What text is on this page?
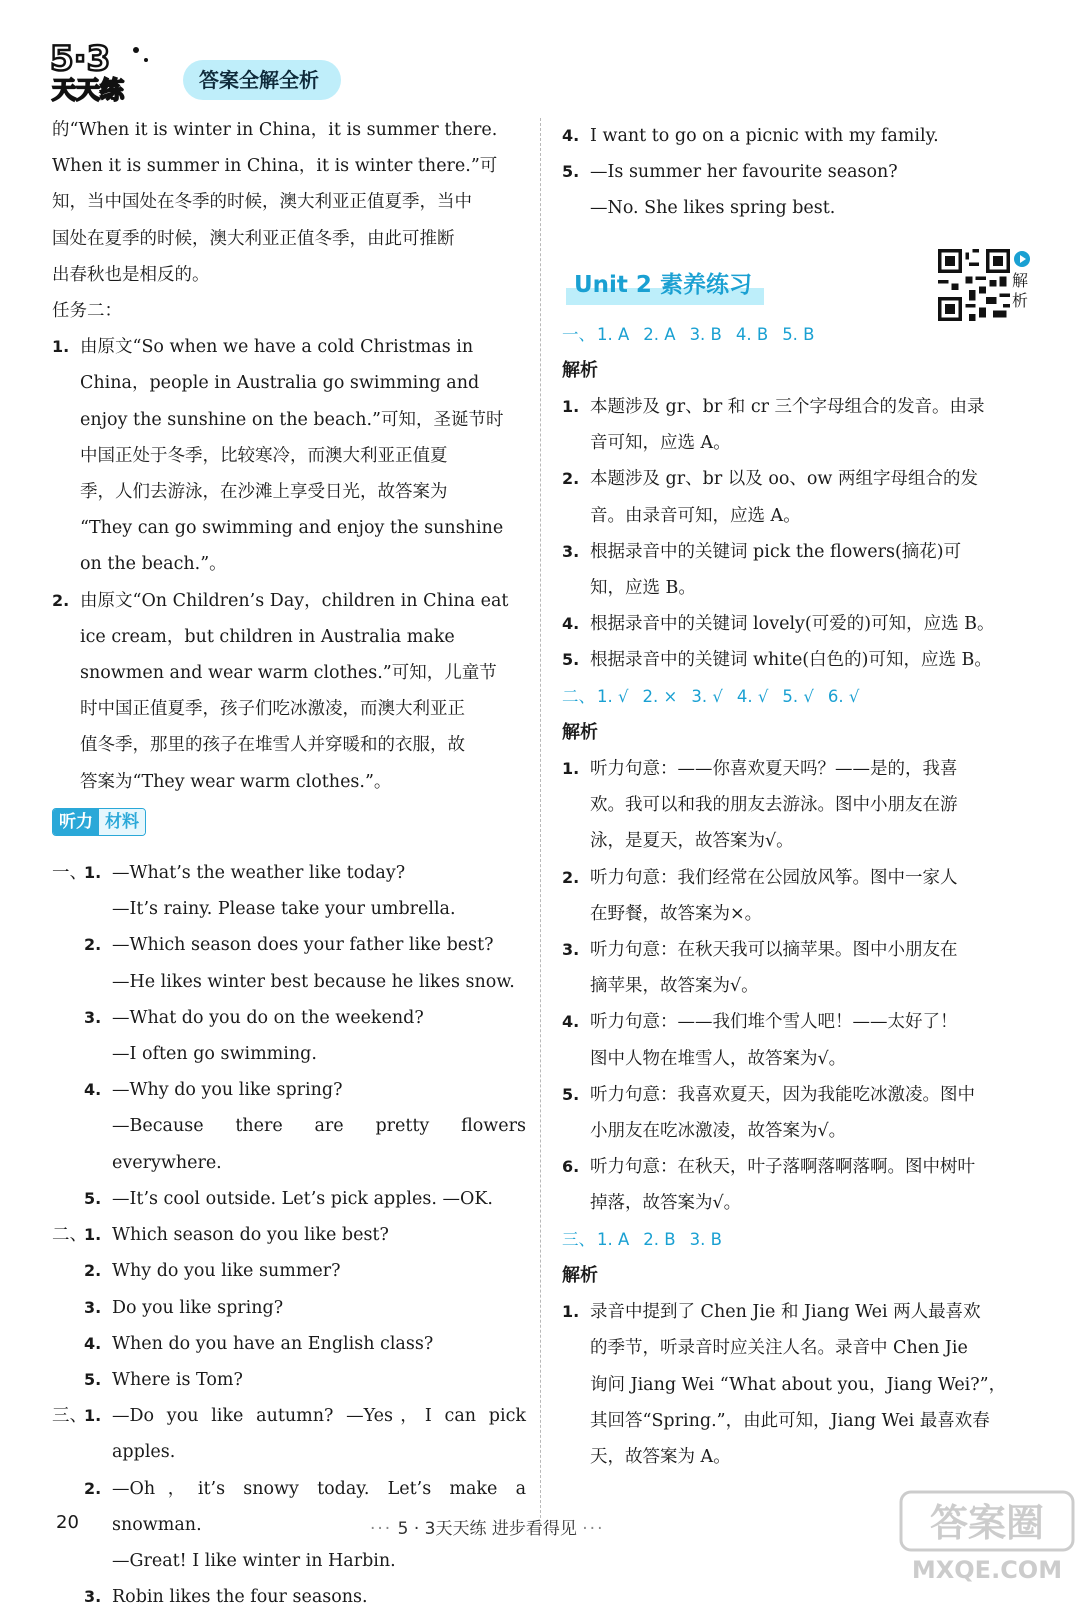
5·3
天天练	答案全解全析

的“When it is winter in China，it is summer there.

When it is summer in China，it is winter there.”可

知，当中国处在冬季的时候，澳大利亚正值夏季，当中

国处在夏季的时候，澳大利亚正值冬季，由此可推断

出春秋也是相反的。

任务二：

1. 由原文“So when we have a cold Christmas in
China，people in Australia go swimming and
enjoy the sunshine on the beach.”可知，圣诞节时
中国正处于冬季，比较寒冷，而澳大利亚正值夏
季，人们去游泳，在沙滩上享受日光，故答案为
“They can go swimming and enjoy the sunshine
on the beach.”。
2. 由原文“On Children’s Day，children in China eat
ice cream，but children in Australia make
snowmen and wear warm clothes.”可知，儿童节
时中国正值夏季，孩子们吃冰激凌，而澳大利亚正
值冬季，那里的孩子在堆雪人并穿暖和的衣服，故
答案为“They wear warm clothes.”。
听力 材料
一、
1. —What’s the weather like today?
—It’s rainy. Please take your umbrella.
2. —Which season does your father like best?
—He likes winter best because he likes snow.
3. —What do you do on the weekend?
—I often go swimming.
4. —Why do you like spring?
—Because there are pretty flowers everywhere.
5. —It’s cool outside. Let’s pick apples. —OK.
二、
1. Which season do you like best?
2. Why do you like summer?
3. Do you like spring?
4. When do you have an English class?
5. Where is Tom?
三、
1. —Do you like autumn? —Yes，I can pick apples.
2. —Oh，it’s snowy today. Let’s make a snowman.
—Great! I like winter in Harbin.
3. Robin likes the four seasons.
4. I want to go on a picnic with my family.
5. —Is summer her favourite season?
—No. She likes spring best.
Unit 2 素养练习	解析

一、 1. A 2. A 3. B 4. B 5. B

解析

1. 本题涉及 gr、br 和 cr 三个字母组合的发音。由录
音可知，应选 A。
2. 本题涉及 gr、br 以及 oo、ow 两组字母组合的发
音。由录音可知，应选 A。
3. 根据录音中的关键词 pick the flowers(摘花)可
知，应选 B。
4. 根据录音中的关键词 lovely(可爱的)可知，应选 B。
5. 根据录音中的关键词 white(白色的)可知，应选 B。

二、 1. √ 2. × 3. √ 4. √ 5. √ 6. √

解析

1. 听力句意：——你喜欢夏天吗？——是的，我喜
欢。我可以和我的朋友去游泳。图中小朋友在游
泳，是夏天，故答案为√。
2. 听力句意：我们经常在公园放风筝。图中一家人
在野餐，故答案为×。
3. 听力句意：在秋天我可以摘苹果。图中小朋友在
摘苹果，故答案为√。
4. 听力句意：——我们堆个雪人吧！——太好了！
图中人物在堆雪人，故答案为√。
5. 听力句意：我喜欢夏天，因为我能吃冰激凌。图中
小朋友在吃冰激凌，故答案为√。
6. 听力句意：在秋天，叶子落啊落啊落啊。图中树叶
掉落，故答案为√。

三、 1. A 2. B 3. B

解析

1. 录音中提到了 Chen Jie 和 Jiang Wei 两人最喜欢
的季节，听录音时应关注人名。录音中 Chen Jie
询问 Jiang Wei “What about you，Jiang Wei?”，
其回答“Spring.”，由此可知，Jiang Wei 最喜欢春
天，故答案为 A。
20	··· 5 · 3天天练 进步看得见 ···	答案圈
MXQE.COM
